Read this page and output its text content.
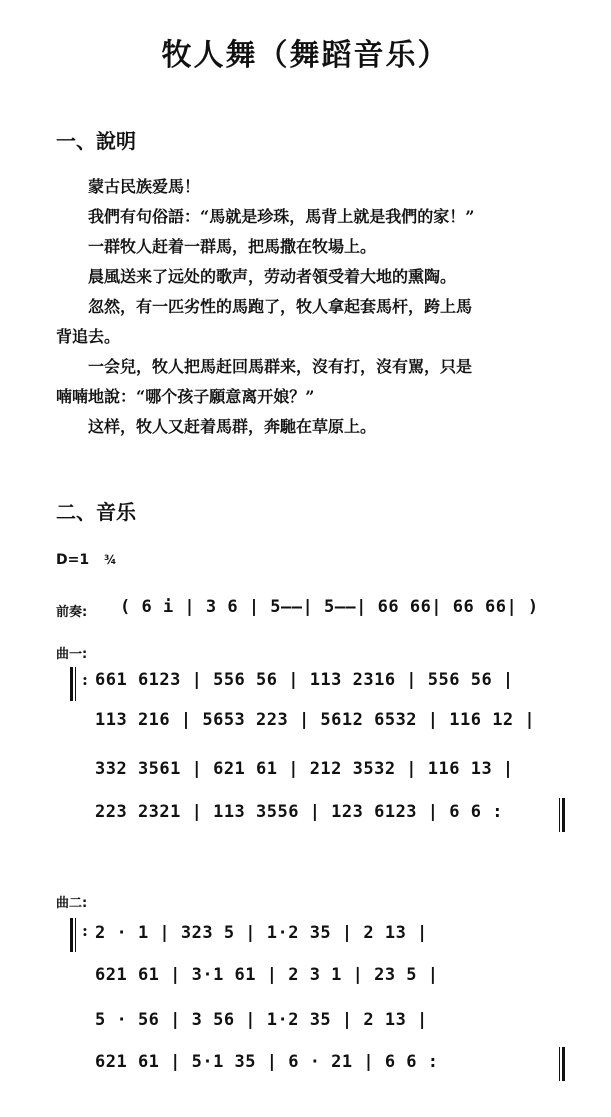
牧人舞（舞蹈音乐）
一、說明
蒙古民族爱馬！
我們有句俗語：“馬就是珍珠，馬背上就是我們的家！”
一群牧人赶着一群馬，把馬撒在牧場上。
晨風送来了远处的歌声，劳动者領受着大地的熏陶。
忽然，有一匹劣性的馬跑了，牧人拿起套馬杆，跨上馬
背追去。
一会兒，牧人把馬赶回馬群来，沒有打，沒有駡，只是
喃喃地說：“哪个孩子願意离开娘？”
这样，牧人又赶着馬群，奔馳在草原上。
二、音乐
D=1 ¾
前奏: ( 6 i | 3 6 | 5——| 5——| 66 66| 66 66| )
曲一:
: 661 6123 | 556 56 | 113 2316 | 556 56 |
113 216 | 5653 223 | 5612 6532 | 116 12 |
332 3561 | 621 61 | 212 3532 | 116 13 |
223 2321 | 113 3556 | 123 6123 | 6 6 :
曲二:
: 2 · 1 | 323 5 | 1·2 35 | 2 13 |
621 61 | 3·1 61 | 2 3 1 | 23 5 |
5 · 56 | 3 56 | 1·2 35 | 2 13 |
621 61 | 5·1 35 | 6 · 21 | 6 6 :
